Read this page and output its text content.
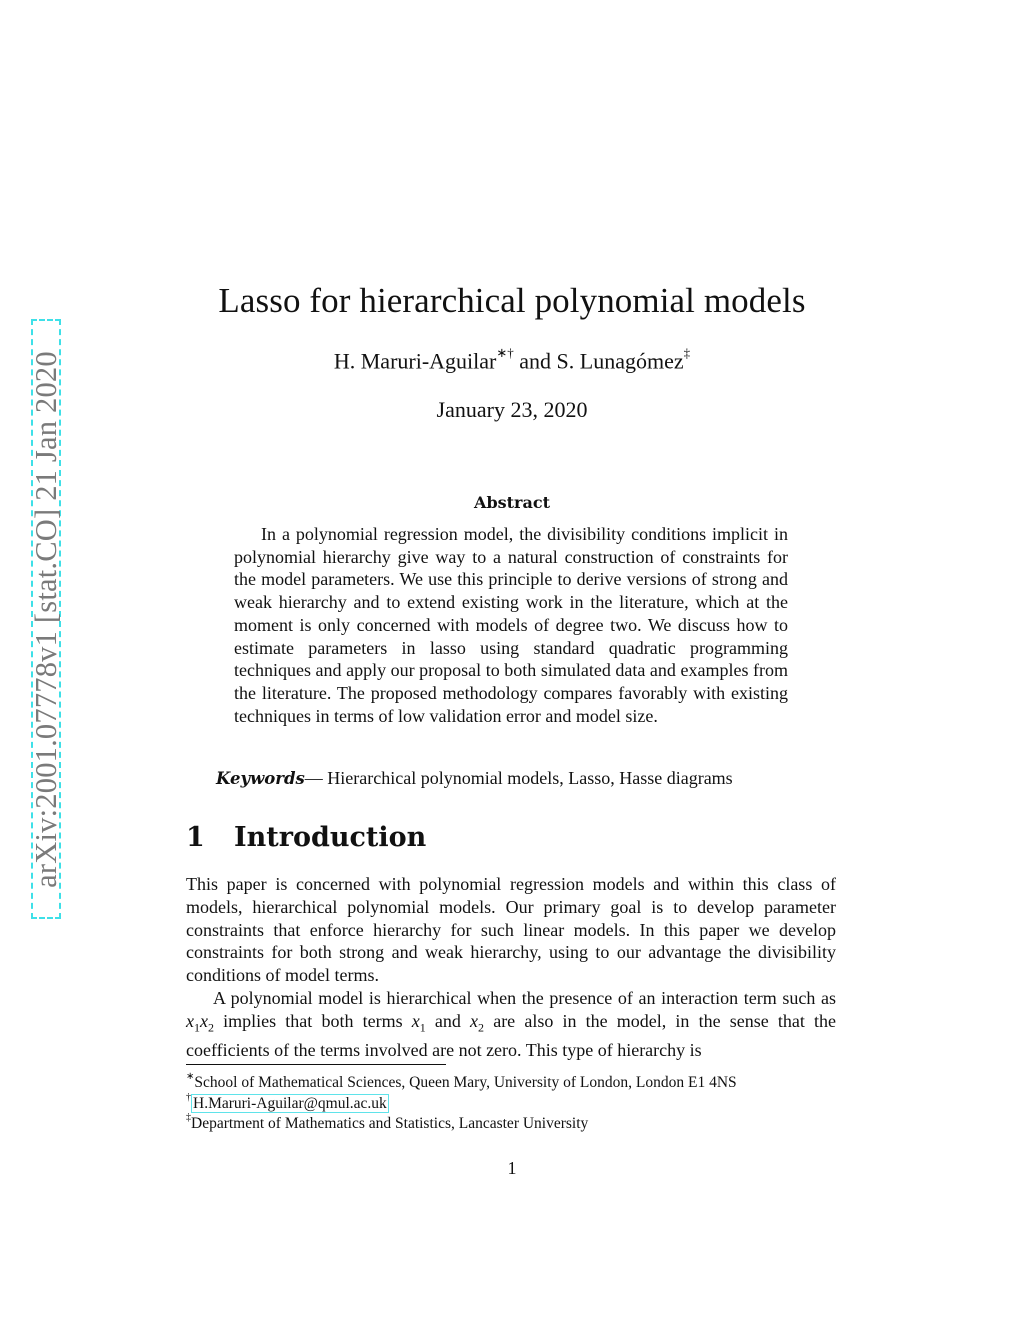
arXiv:2001.07778v1 [stat.CO] 21 Jan 2020
Lasso for hierarchical polynomial models
H. Maruri-Aguilar∗† and S. Lunagómez‡
January 23, 2020
Abstract

In a polynomial regression model, the divisibility conditions implicit in polynomial hierarchy give way to a natural construction of constraints for the model parameters. We use this principle to derive versions of strong and weak hierarchy and to extend existing work in the literature, which at the moment is only concerned with models of degree two. We discuss how to estimate parameters in lasso using standard quadratic programming techniques and apply our proposal to both simulated data and examples from the literature. The proposed methodology compares favorably with existing techniques in terms of low validation error and model size.

Keywords— Hierarchical polynomial models, Lasso, Hasse diagrams
1 Introduction

This paper is concerned with polynomial regression models and within this class of models, hierarchical polynomial models. Our primary goal is to develop parameter constraints that enforce hierarchy for such linear models. In this paper we develop constraints for both strong and weak hierarchy, using to our advantage the divisibility conditions of model terms.

A polynomial model is hierarchical when the presence of an interaction term such as $x_1x_2$ implies that both terms $x_1$ and $x_2$ are also in the model, in the sense that the coefficients of the terms involved are not zero. This type of hierarchy is

∗School of Mathematical Sciences, Queen Mary, University of London, London E1 4NS
† H.Maruri-Aguilar@qmul.ac.uk
‡Department of Mathematics and Statistics, Lancaster University
1
